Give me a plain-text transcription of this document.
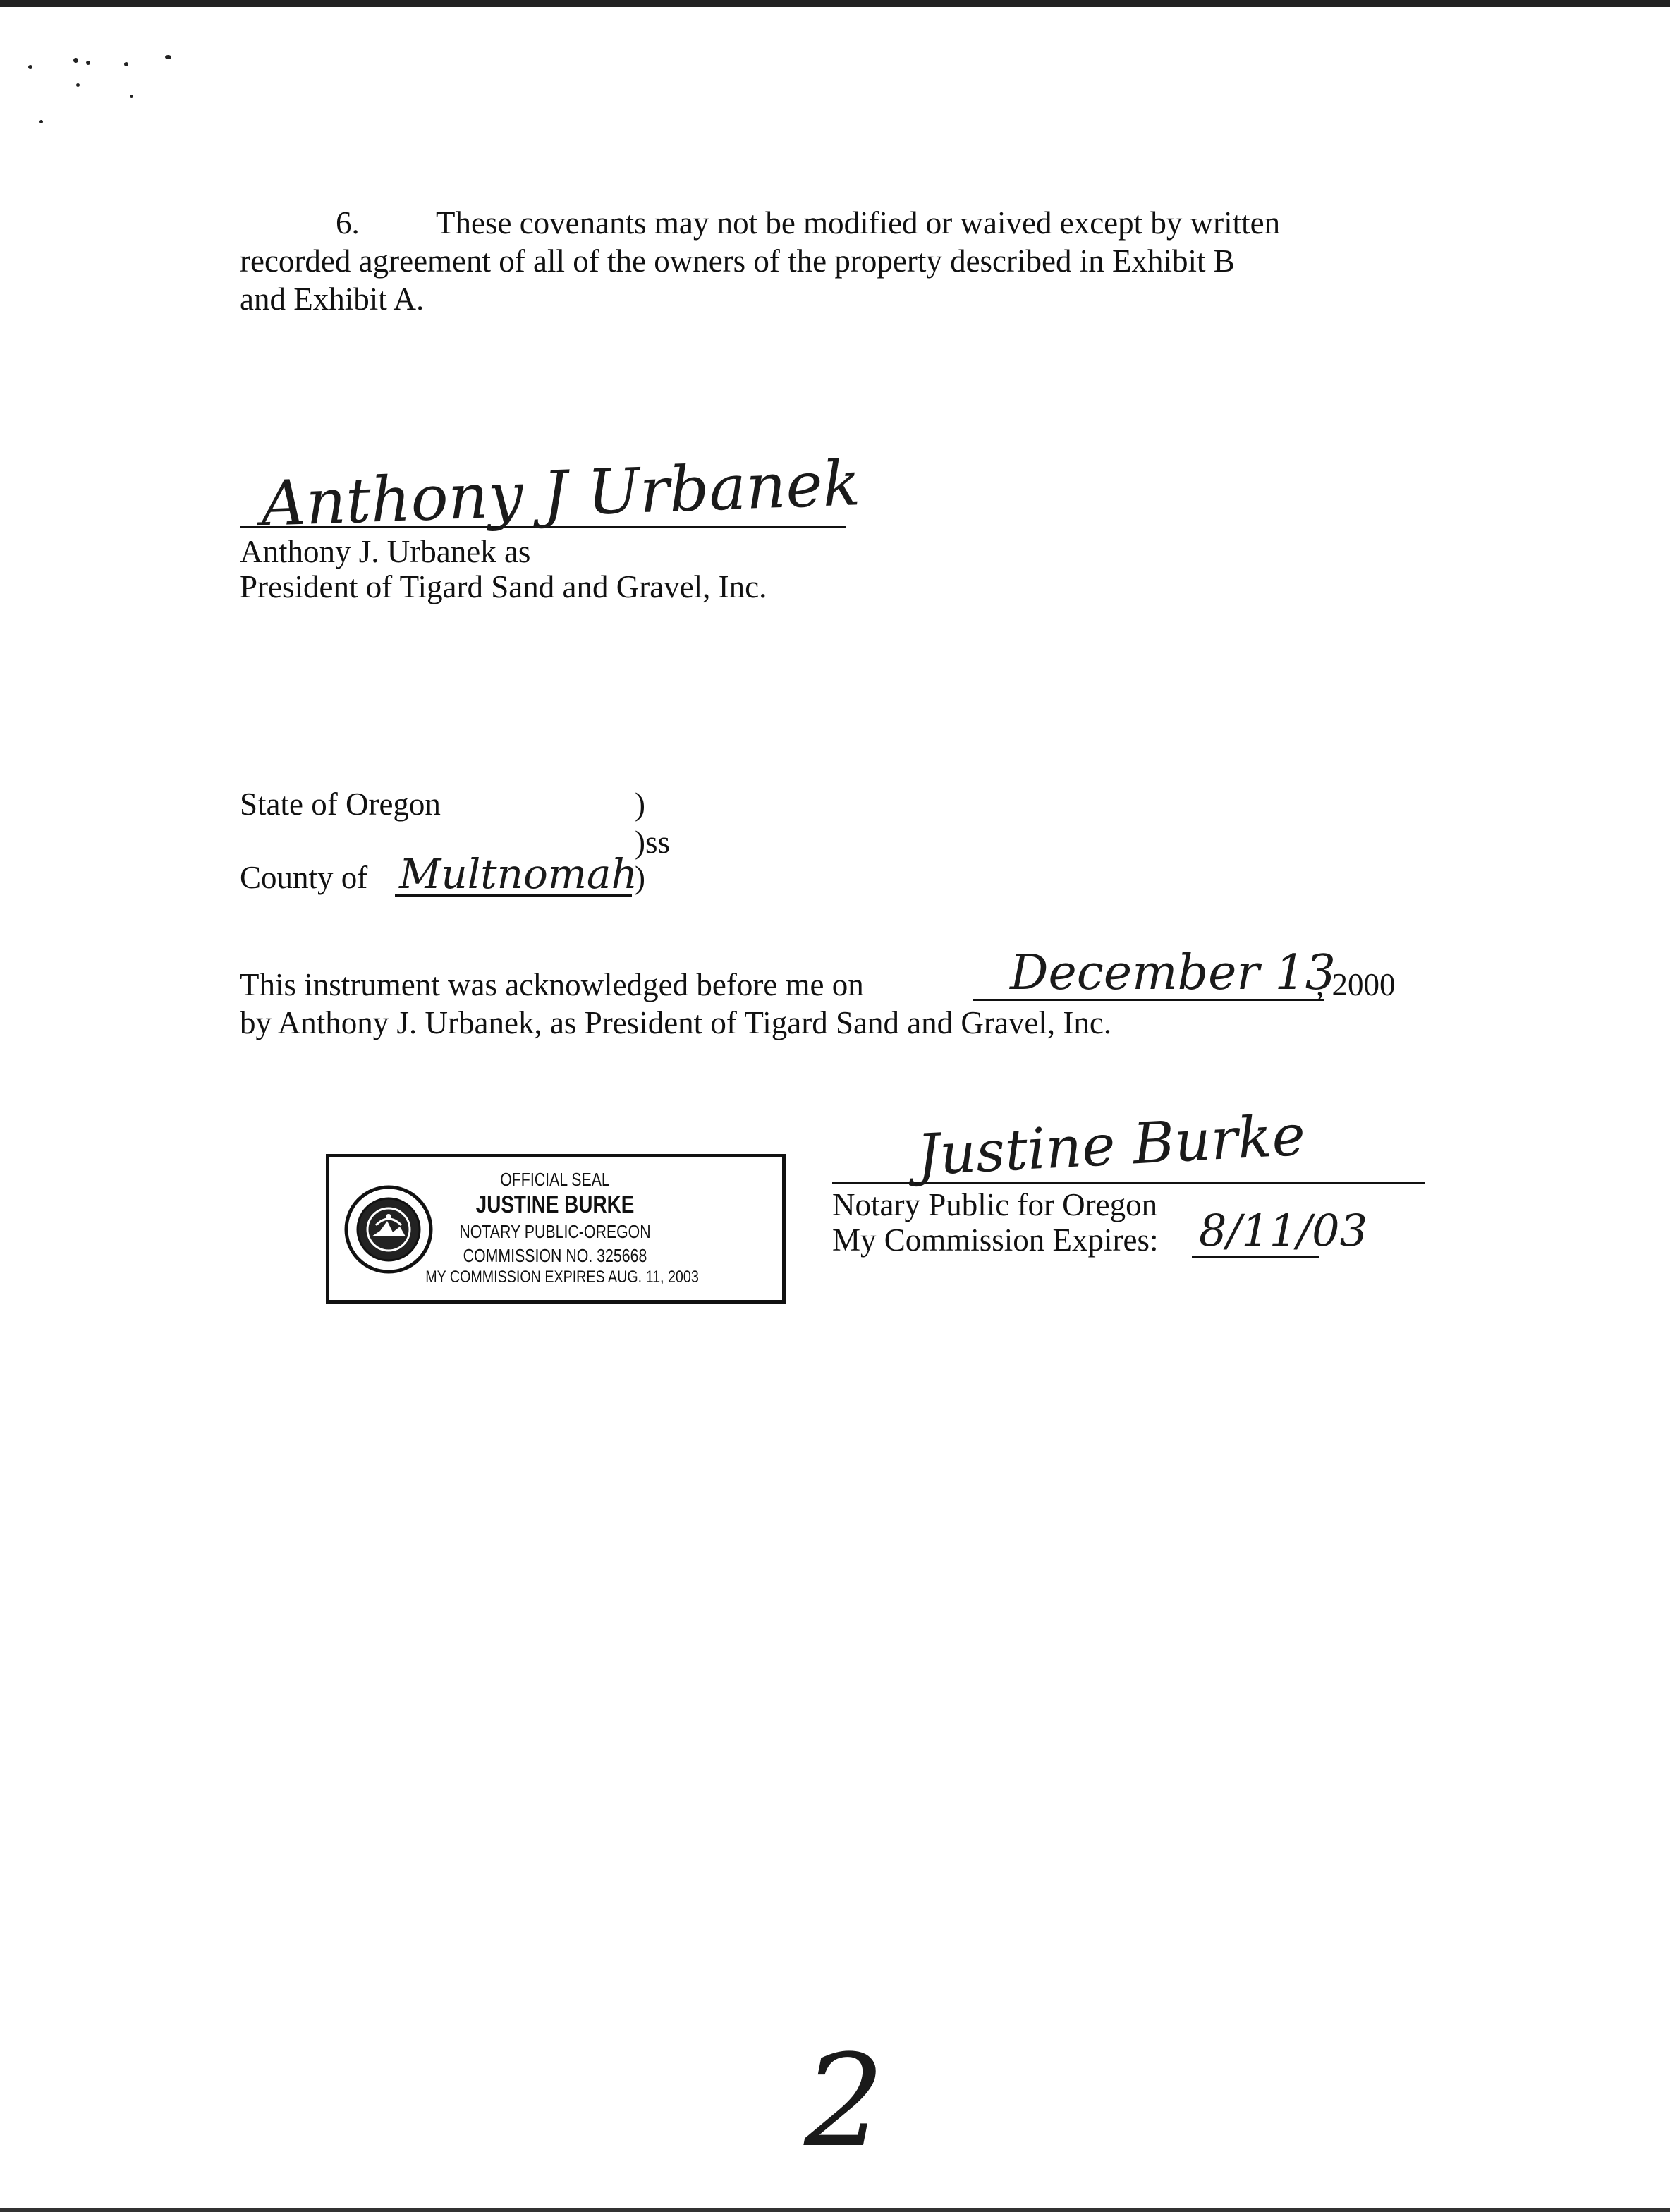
6. These covenants may not be modified or waived except by written
recorded agreement of all of the owners of the property described in Exhibit B
and Exhibit A.
Anthony J Urbanek
Anthony J. Urbanek as
President of Tigard Sand and Gravel, Inc.
State of Oregon	)
)ss
County of Multnomah
)
This instrument was acknowledged before me on	December 13
, 2000
by Anthony J. Urbanek, as President of Tigard Sand and Gravel, Inc.
OFFICIAL SEAL
JUSTINE BURKE
NOTARY PUBLIC-OREGON
COMMISSION NO. 325668
MY COMMISSION EXPIRES AUG. 11, 2003
Justine Burke
Notary Public for Oregon
My Commission Expires: 8/11/03
2
